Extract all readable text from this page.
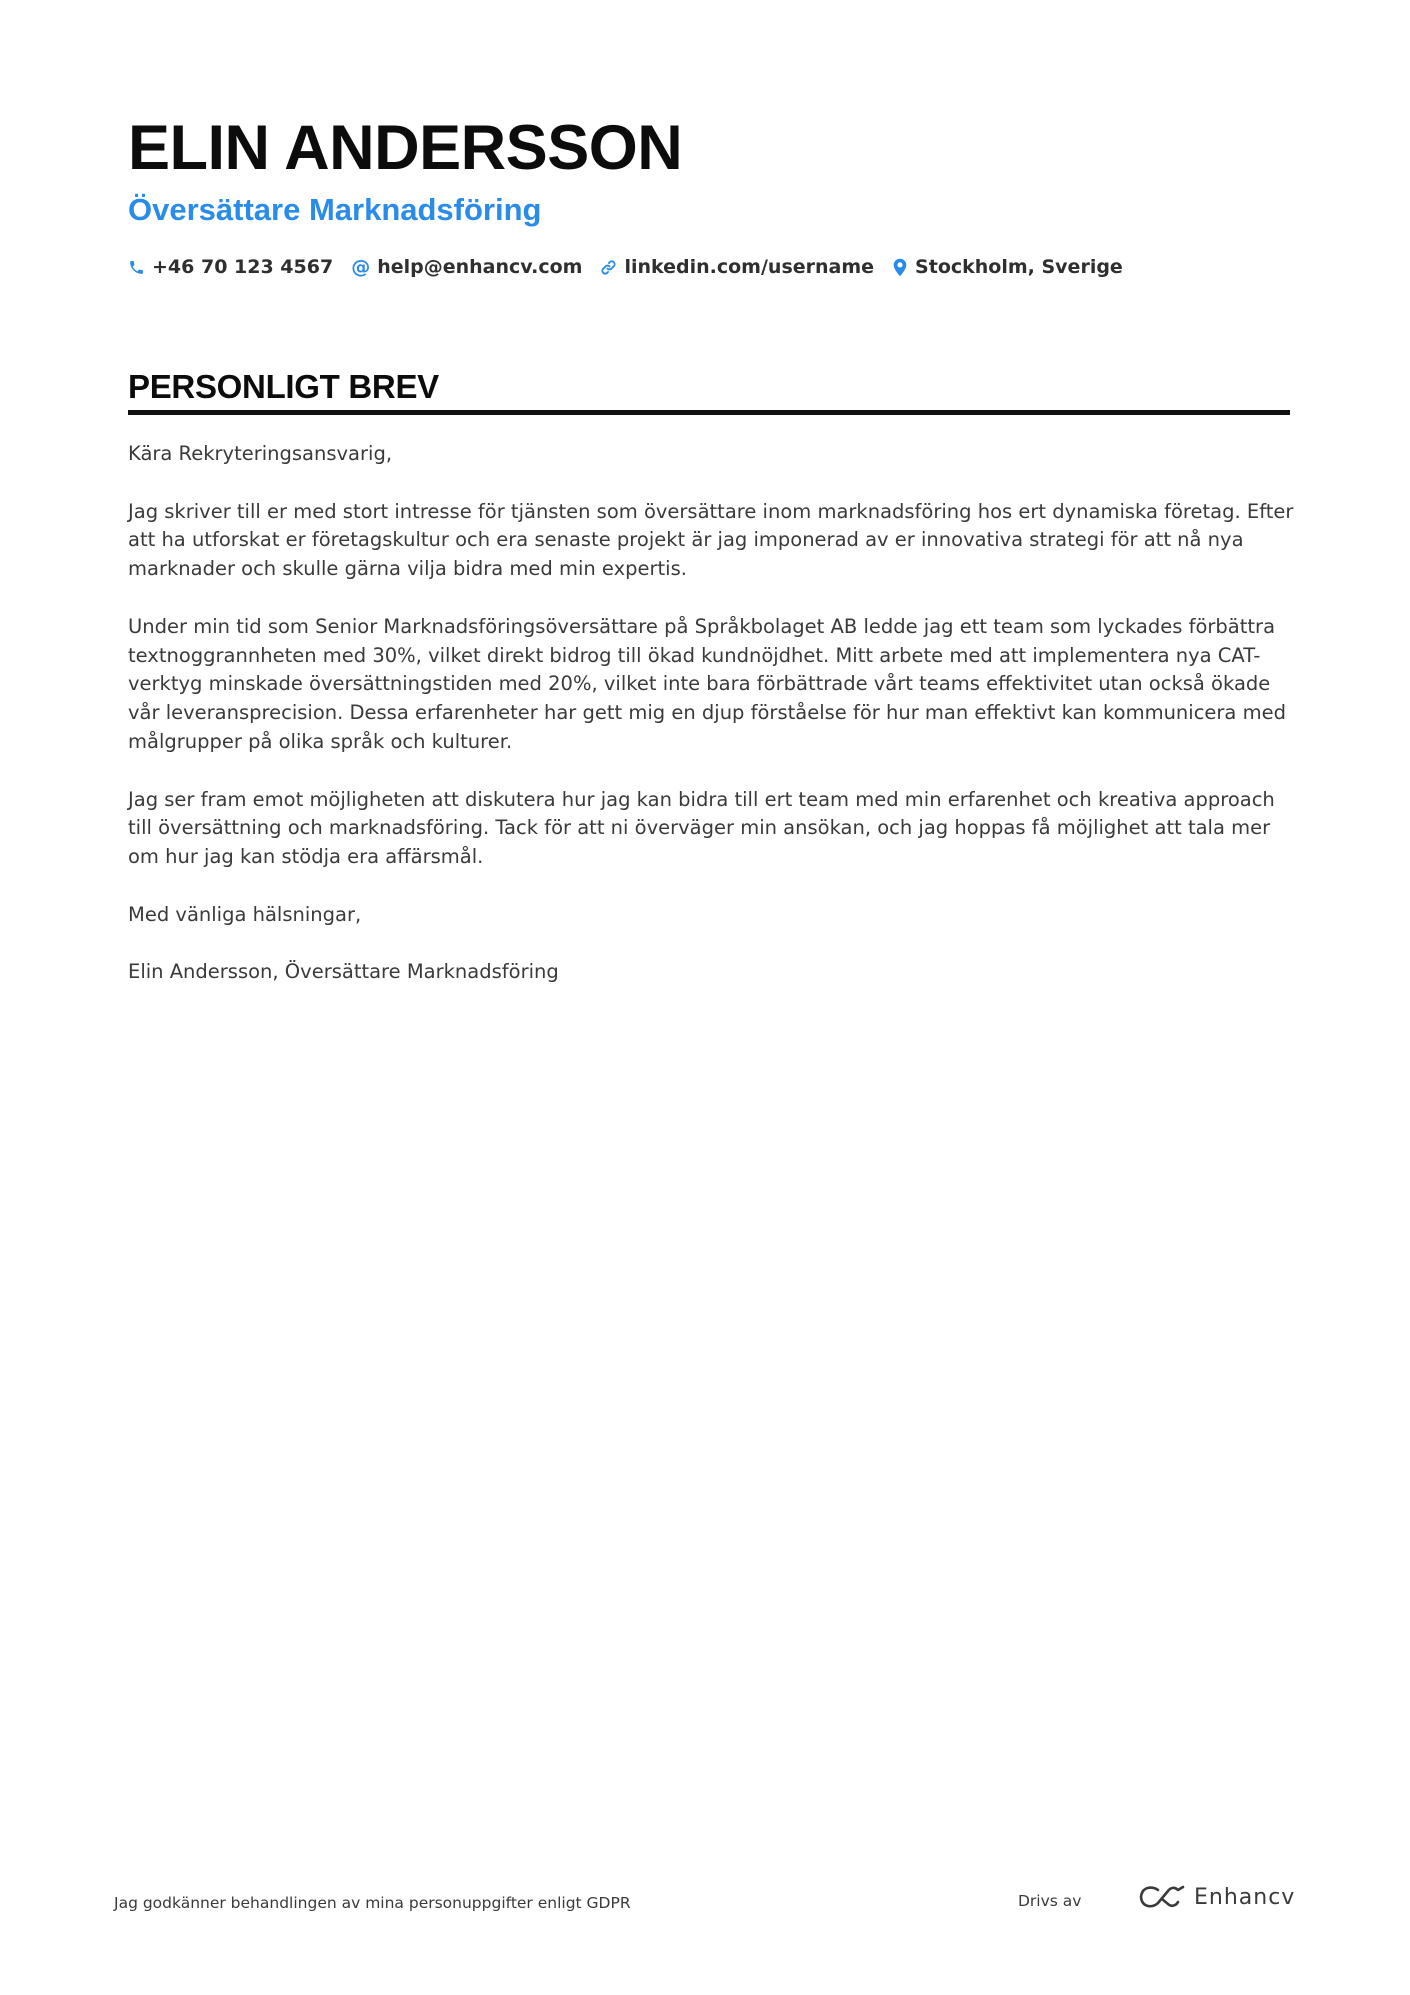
ELIN ANDERSSON
Översättare Marknadsföring
+46 70 123 4567 @ help@enhancv.com linkedin.com/username Stockholm, Sverige
PERSONLIGT BREV

Kära Rekryteringsansvarig,

Jag skriver till er med stort intresse för tjänsten som översättare inom marknadsföring hos ert dynamiska företag. Efter att ha utforskat er företagskultur och era senaste projekt är jag imponerad av er innovativa strategi för att nå nya marknader och skulle gärna vilja bidra med min expertis.

Under min tid som Senior Marknadsföringsöversättare på Språkbolaget AB ledde jag ett team som lyckades förbättra textnoggrannheten med 30%, vilket direkt bidrog till ökad kundnöjdhet. Mitt arbete med att implementera nya CAT-verktyg minskade översättningstiden med 20%, vilket inte bara förbättrade vårt teams effektivitet utan också ökade vår leveransprecision. Dessa erfarenheter har gett mig en djup förståelse för hur man effektivt kan kommunicera med målgrupper på olika språk och kulturer.

Jag ser fram emot möjligheten att diskutera hur jag kan bidra till ert team med min erfarenhet och kreativa approach till översättning och marknadsföring. Tack för att ni överväger min ansökan, och jag hoppas få möjlighet att tala mer om hur jag kan stödja era affärsmål.

Med vänliga hälsningar,

Elin Andersson, Översättare Marknadsföring

Jag godkänner behandlingen av mina personuppgifter enligt GDPR	Drivs av	Enhancv
